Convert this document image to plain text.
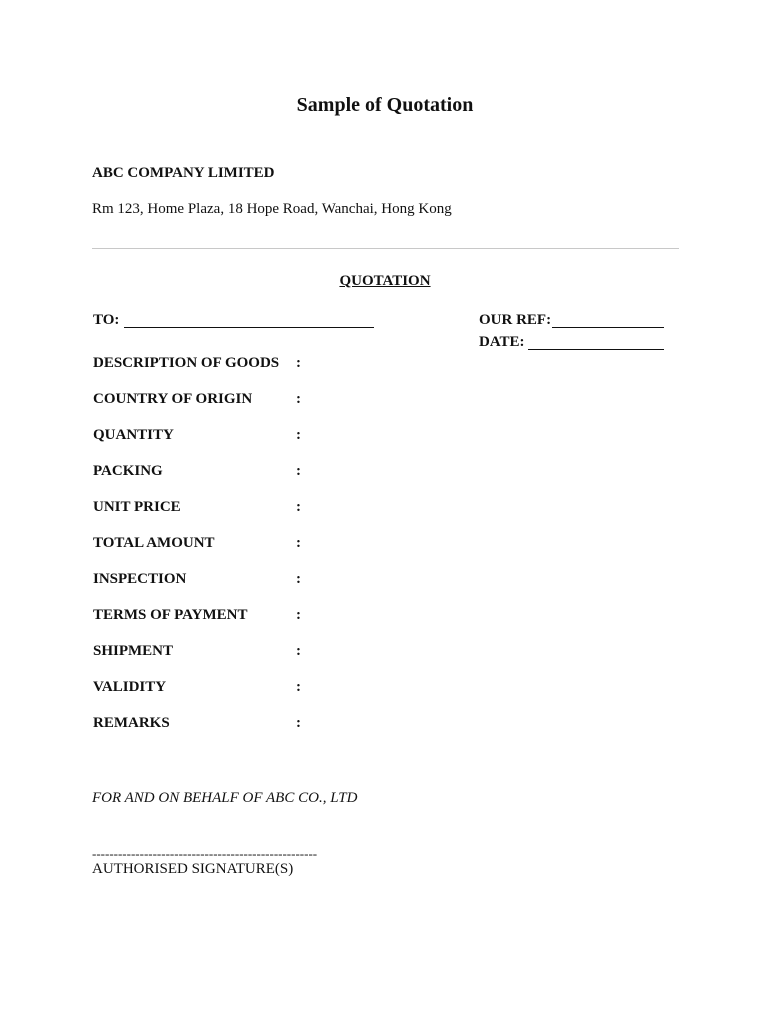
Sample of Quotation
ABC COMPANY LIMITED
Rm 123, Home Plaza, 18 Hope Road, Wanchai, Hong Kong
QUOTATION
TO:	OUR REF:
DATE:
DESCRIPTION OF GOODS :
COUNTRY OF ORIGIN	:
QUANTITY	:
PACKING	:
UNIT PRICE	:
TOTAL AMOUNT	:
INSPECTION	:
TERMS OF PAYMENT	:
SHIPMENT	:
VALIDITY	:
REMARKS	:
FOR AND ON BEHALF OF ABC CO., LTD
----------------------------------------------------
AUTHORISED SIGNATURE(S)
